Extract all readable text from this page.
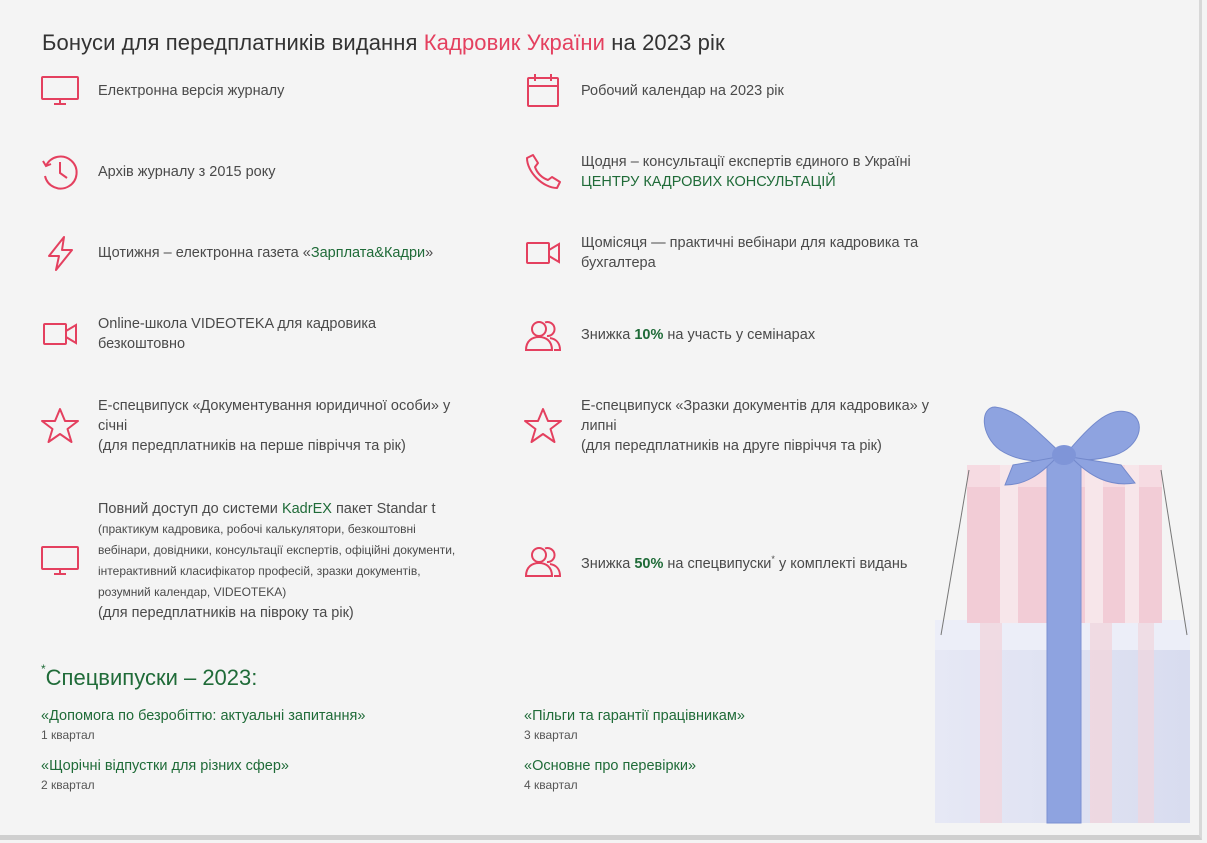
Бонуси для передплатників видання Кадровик України на 2023 рік
Електронна версія журналу
Архів журналу з 2015 року
Щотижня – електронна газета «Зарплата&Кадри»
Online-школа VIDEOTEKA для кадровика
безкоштовно
Е-спецвипуск «Документування юридичної особи» у
січні
(для передплатників на перше півріччя та рік)
Повний доступ до системи KadrEX пакет Standar t
(практикум кадровика, робочі калькулятори, безкоштовні
вебінари, довідники, консультації експертів, офіційні документи,
інтерактивний класифікатор професій, зразки документів,
розумний календар, VIDEOTEKA)
(для передплатників на півроку та рік)
Робочий календар на 2023 рік
Щодня – консультації експертів єдиного в Україні
ЦЕНТРУ КАДРОВИХ КОНСУЛЬТАЦІЙ
Щомісяця — практичні вебінари для кадровика та
бухгалтера
Знижка 10% на участь у семінарах
Е-спецвипуск «Зразки документів для кадровика» у
липні
(для передплатників на друге півріччя та рік)
Знижка 50% на спецвипуски* у комплекті видань
*Спецвипуски – 2023:
«Допомога по безробіттю: актуальні запитання»
1 квартал
«Пільги та гарантії працівникам»
3 квартал
«Щорічні відпустки для різних сфер»
2 квартал
«Основне про перевірки»
4 квартал
